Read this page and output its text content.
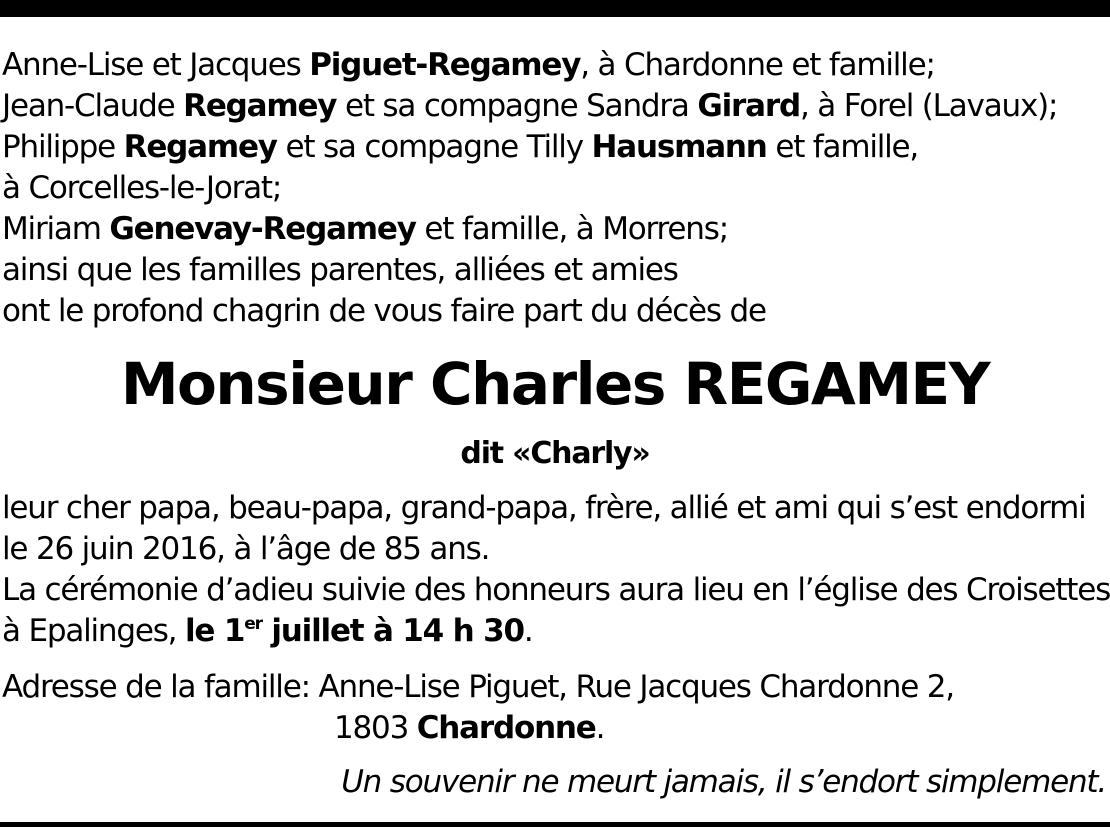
Anne-Lise et Jacques Piguet-Regamey, à Chardonne et famille;
Jean-Claude Regamey et sa compagne Sandra Girard, à Forel (Lavaux);
Philippe Regamey et sa compagne Tilly Hausmann et famille,
à Corcelles-le-Jorat;
Miriam Genevay-Regamey et famille, à Morrens;
ainsi que les familles parentes, alliées et amies
ont le profond chagrin de vous faire part du décès de
Monsieur Charles REGAMEY
dit «Charly»
leur cher papa, beau-papa, grand-papa, frère, allié et ami qui s’est endormi
le 26 juin 2016, à l’âge de 85 ans.
La cérémonie d’adieu suivie des honneurs aura lieu en l’église des Croisettes
à Epalinges, le 1er juillet à 14 h 30.
Adresse de la famille: Anne-Lise Piguet, Rue Jacques Chardonne 2,
1803 Chardonne.
Un souvenir ne meurt jamais, il s’endort simplement.
